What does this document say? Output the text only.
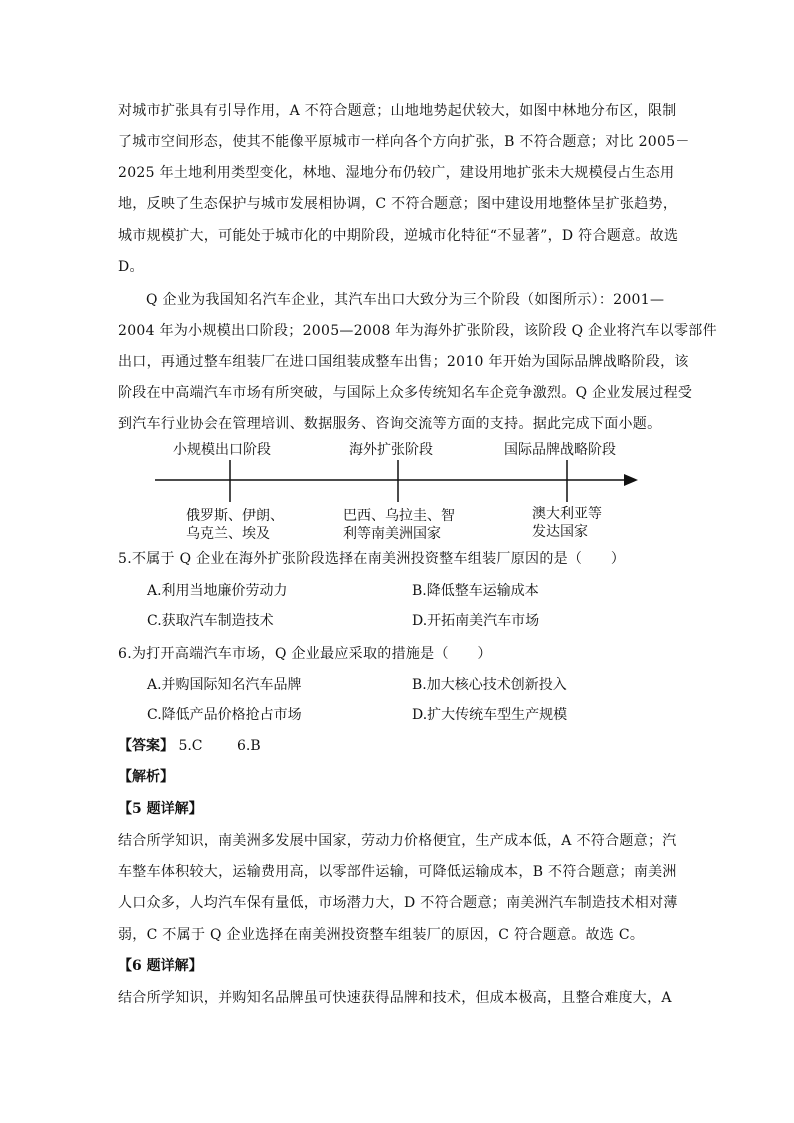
对城市扩张具有引导作用，A 不符合题意；山地地势起伏较大，如图中林地分布区，限制
了城市空间形态，使其不能像平原城市一样向各个方向扩张，B 不符合题意；对比 2005－
2025 年土地利用类型变化，林地、湿地分布仍较广，建设用地扩张未大规模侵占生态用
地，反映了生态保护与城市发展相协调，C 不符合题意；图中建设用地整体呈扩张趋势，
城市规模扩大，可能处于城市化的中期阶段，逆城市化特征“不显著”，D 符合题意。故选
D。
Q 企业为我国知名汽车企业，其汽车出口大致分为三个阶段（如图所示）：2001—
2004 年为小规模出口阶段；2005—2008 年为海外扩张阶段，该阶段 Q 企业将汽车以零部件
出口，再通过整车组装厂在进口国组装成整车出售；2010 年开始为国际品牌战略阶段，该
阶段在中高端汽车市场有所突破，与国际上众多传统知名车企竞争激烈。Q 企业发展过程受
到汽车行业协会在管理培训、数据服务、咨询交流等方面的支持。据此完成下面小题。
小规模出口阶段	海外扩张阶段	国际品牌战略阶段
俄罗斯、伊朗、
乌克兰、埃及
巴西、乌拉圭、智
利等南美洲国家
澳大利亚等
发达国家
5.不属于 Q 企业在海外扩张阶段选择在南美洲投资整车组装厂原因的是（　　）
A.利用当地廉价劳动力	B.降低整车运输成本
C.获取汽车制造技术	D.开拓南美汽车市场
6.为打开高端汽车市场，Q 企业最应采取的措施是（　　）
A.并购国际知名汽车品牌	B.加大核心技术创新投入
C.降低产品价格抢占市场	D.扩大传统车型生产规模
【答案】 5.C 6.B
【解析】
【5 题详解】
结合所学知识，南美洲多发展中国家，劳动力价格便宜，生产成本低，A 不符合题意；汽
车整车体积较大，运输费用高，以零部件运输，可降低运输成本，B 不符合题意；南美洲
人口众多，人均汽车保有量低，市场潜力大，D 不符合题意；南美洲汽车制造技术相对薄
弱，C 不属于 Q 企业选择在南美洲投资整车组装厂的原因，C 符合题意。故选 C。
【6 题详解】
结合所学知识，并购知名品牌虽可快速获得品牌和技术，但成本极高，且整合难度大，A
